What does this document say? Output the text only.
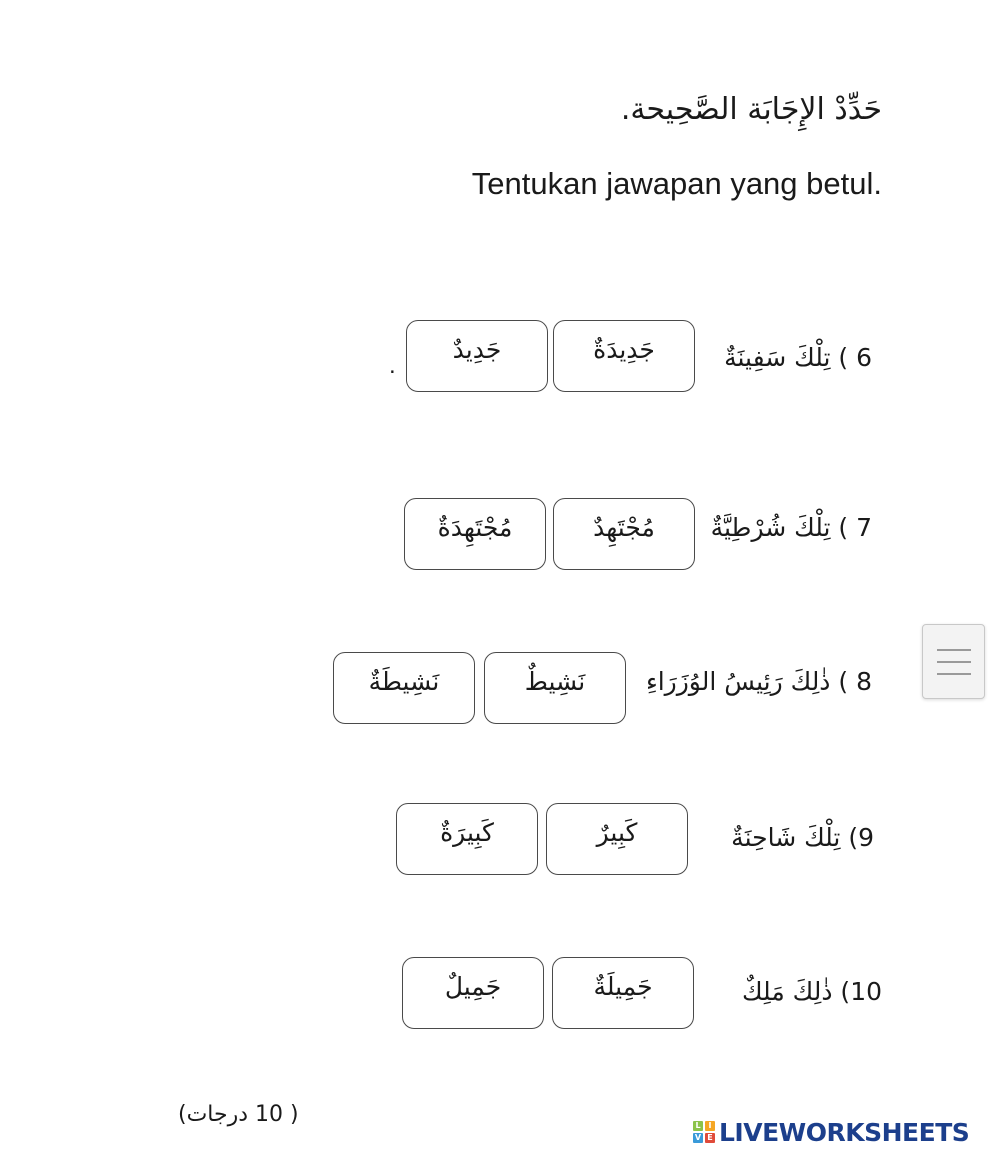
حَدِّدْ الإِجَابَة الصَّحِيحة.
Tentukan jawapan yang betul.
6 ) تِلْكَ سَفِينَةٌ
جَدِيدَةٌ
جَدِيدٌ
.
7 ) تِلْكَ شُرْطِيَّةٌ
مُجْتَهِدٌ
مُجْتَهِدَةٌ
8 ) ذٰلِكَ رَئِيسُ الوُزَرَاءِ
نَشِيطٌ
نَشِيطَةٌ
9) تِلْكَ شَاحِنَةٌ
كَبِيرٌ
كَبِيرَةٌ
10) ذٰلِكَ مَلِكٌ
جَمِيلَةٌ
جَمِيلٌ
( 10 درجات)	L I
V E LIVEWORKSHEETS
